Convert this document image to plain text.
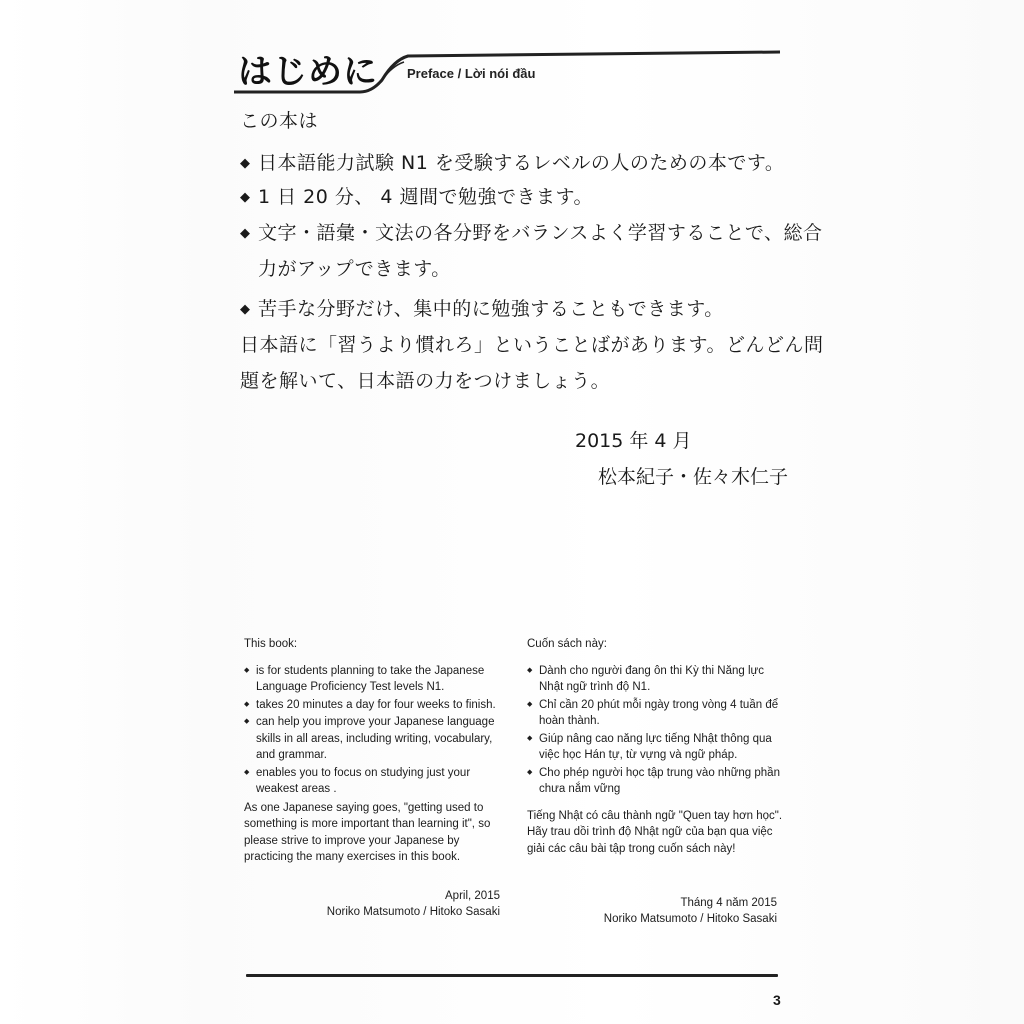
はじめに Preface / Lời nói đầu
この本は
◆ 日本語能力試験 N1 を受験するレベルの人のための本です。
◆ 1 日 20 分、 4 週間で勉強できます。
◆ 文字・語彙・文法の各分野をバランスよく学習することで、総合
力がアップできます。
◆ 苦手な分野だけ、集中的に勉強することもできます。
日本語に「習うより慣れろ」ということばがあります。どんどん問
題を解いて、日本語の力をつけましょう。
2015 年 4 月
松本紀子・佐々木仁子
This book:
◆ is for students planning to take the Japanese Language Proficiency Test levels N1.
◆ takes 20 minutes a day for four weeks to finish.
◆ can help you improve your Japanese language skills in all areas, including writing, vocabulary, and grammar.
◆ enables you to focus on studying just your weakest areas .
As one Japanese saying goes, "getting used to something is more important than learning it", so please strive to improve your Japanese by practicing the many exercises in this book.
April, 2015
Noriko Matsumoto / Hitoko Sasaki
Cuốn sách này:
◆ Dành cho người đang ôn thi Kỳ thi Năng lực Nhật ngữ trình độ N1.
◆ Chỉ cần 20 phút mỗi ngày trong vòng 4 tuần để hoàn thành.
◆ Giúp nâng cao năng lực tiếng Nhật thông qua việc học Hán tự, từ vựng và ngữ pháp.
◆ Cho phép người học tập trung vào những phần chưa nắm vững
Tiếng Nhật có câu thành ngữ "Quen tay hơn học". Hãy trau dồi trình độ Nhật ngữ của bạn qua việc giải các câu bài tập trong cuốn sách này!
Tháng 4 năm 2015
Noriko Matsumoto / Hitoko Sasaki
3
